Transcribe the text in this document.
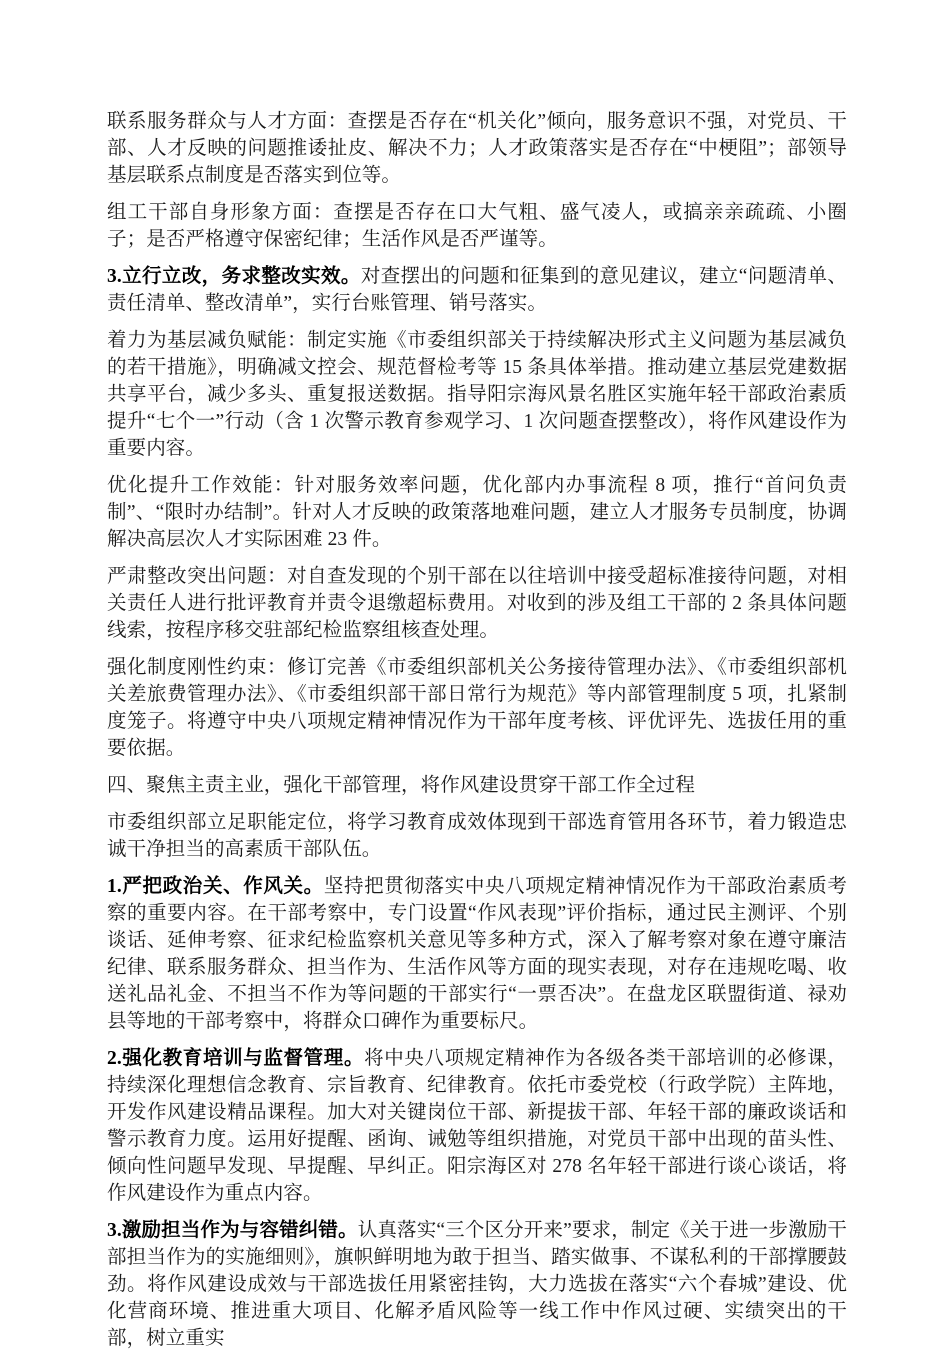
联系服务群众与人才方面：查摆是否存在“机关化”倾向，服务意识不强，对党员、干部、人才反映的问题推诿扯皮、解决不力；人才政策落实是否存在“中梗阻”；部领导基层联系点制度是否落实到位等。

组工干部自身形象方面：查摆是否存在口大气粗、盛气凌人，或搞亲亲疏疏、小圈子；是否严格遵守保密纪律；生活作风是否严谨等。

3.立行立改，务求整改实效。对查摆出的问题和征集到的意见建议，建立“问题清单、责任清单、整改清单”，实行台账管理、销号落实。

着力为基层减负赋能：制定实施《市委组织部关于持续解决形式主义问题为基层减负的若干措施》，明确减文控会、规范督检考等 15 条具体举措。推动建立基层党建数据共享平台，减少多头、重复报送数据。指导阳宗海风景名胜区实施年轻干部政治素质提升“七个一”行动（含 1 次警示教育参观学习、1 次问题查摆整改），将作风建设作为重要内容。

优化提升工作效能：针对服务效率问题，优化部内办事流程 8 项，推行“首问负责制”、“限时办结制”。针对人才反映的政策落地难问题，建立人才服务专员制度，协调解决高层次人才实际困难 23 件。

严肃整改突出问题：对自查发现的个别干部在以往培训中接受超标准接待问题，对相关责任人进行批评教育并责令退缴超标费用。对收到的涉及组工干部的 2 条具体问题线索，按程序移交驻部纪检监察组核查处理。

强化制度刚性约束：修订完善《市委组织部机关公务接待管理办法》、《市委组织部机关差旅费管理办法》、《市委组织部干部日常行为规范》等内部管理制度 5 项，扎紧制度笼子。将遵守中央八项规定精神情况作为干部年度考核、评优评先、选拔任用的重要依据。

四、聚焦主责主业，强化干部管理，将作风建设贯穿干部工作全过程

市委组织部立足职能定位，将学习教育成效体现到干部选育管用各环节，着力锻造忠诚干净担当的高素质干部队伍。

1.严把政治关、作风关。坚持把贯彻落实中央八项规定精神情况作为干部政治素质考察的重要内容。在干部考察中，专门设置“作风表现”评价指标，通过民主测评、个别谈话、延伸考察、征求纪检监察机关意见等多种方式，深入了解考察对象在遵守廉洁纪律、联系服务群众、担当作为、生活作风等方面的现实表现，对存在违规吃喝、收送礼品礼金、不担当不作为等问题的干部实行“一票否决”。在盘龙区联盟街道、禄劝县等地的干部考察中，将群众口碑作为重要标尺。

2.强化教育培训与监督管理。将中央八项规定精神作为各级各类干部培训的必修课，持续深化理想信念教育、宗旨教育、纪律教育。依托市委党校（行政学院）主阵地，开发作风建设精品课程。加大对关键岗位干部、新提拔干部、年轻干部的廉政谈话和警示教育力度。运用好提醒、函询、诫勉等组织措施，对党员干部中出现的苗头性、倾向性问题早发现、早提醒、早纠正。阳宗海区对 278 名年轻干部进行谈心谈话，将作风建设作为重点内容。

3.激励担当作为与容错纠错。认真落实“三个区分开来”要求，制定《关于进一步激励干部担当作为的实施细则》，旗帜鲜明地为敢于担当、踏实做事、不谋私利的干部撑腰鼓劲。将作风建设成效与干部选拔任用紧密挂钩，大力选拔在落实“六个春城”建设、优化营商环境、推进重大项目、化解矛盾风险等一线工作中作风过硬、实绩突出的干部，树立重实
